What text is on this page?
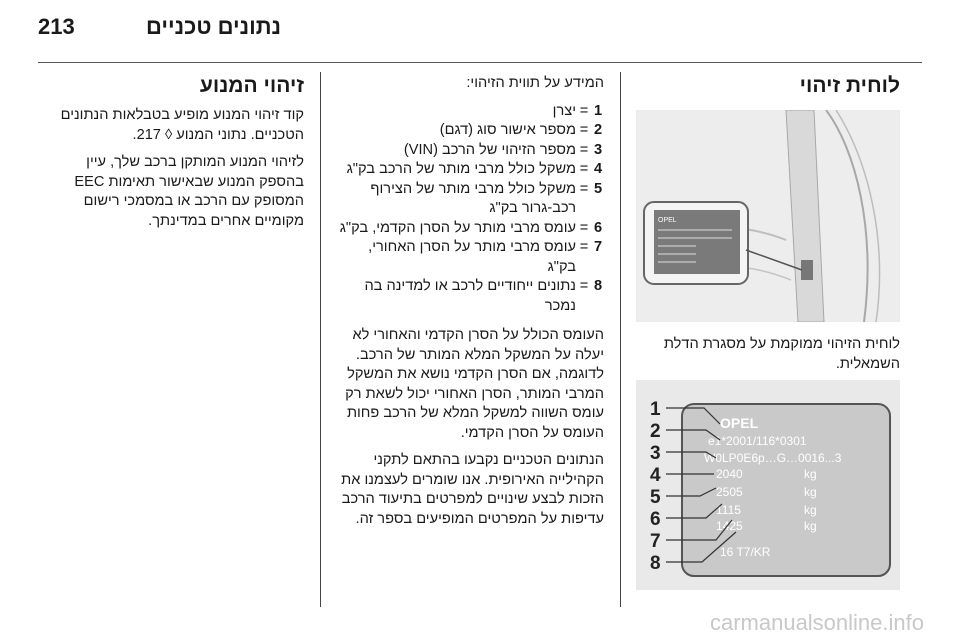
213	נתונים טכניים
לוחית זיהוי
OPEL

לוחית הזיהוי ממוקמת על מסגרת הדלת השמאלית.

OPEL
e1*2001/116*0301
W0LP0E6p…G…0016...3
2040
2505
1115
1425
16 T7/KR
kg
kg
kg
kg
1
2
3
4
5
6
7
8

המידע על תווית הזיהוי:

1
=
יצרן
2
=
מספר אישור סוג (דגם)
3
=
מספר הזיהוי של הרכב (VIN)
4
=
משקל כולל מרבי מותר של הרכב בק"ג
5
=
משקל כולל מרבי מותר של הצירוף רכב-גרור בק"ג
6
=
עומס מרבי מותר על הסרן הקדמי, בק"ג
7
=
עומס מרבי מותר על הסרן האחורי, בק"ג
8
=
נתונים ייחודיים לרכב או למדינה בה נמכר

העומס הכולל על הסרן הקדמי והאחורי לא יעלה על המשקל המלא המותר של הרכב. לדוגמה, אם הסרן הקדמי נושא את המשקל המרבי המותר, הסרן האחורי יכול לשאת רק עומס השווה למשקל המלא של הרכב פחות העומס על הסרן הקדמי.

הנתונים הטכניים נקבעו בהתאם לתקני הקהילייה האירופית. אנו שומרים לעצמנו את הזכות לבצע שינויים למפרטים בתיעוד הרכב עדיפות על המפרטים המופיעים בספר זה.

זיהוי המנוע

קוד זיהוי המנוע מופיע בטבלאות הנתונים הטכניים. נתוני המנוע ◊ 217.

לזיהוי המנוע המותקן ברכב שלך, עיין בהספק המנוע שבאישור תאימות EEC המסופק עם הרכב או במסמכי רישום מקומיים אחרים במדינתך.

carmanualsonline.info
